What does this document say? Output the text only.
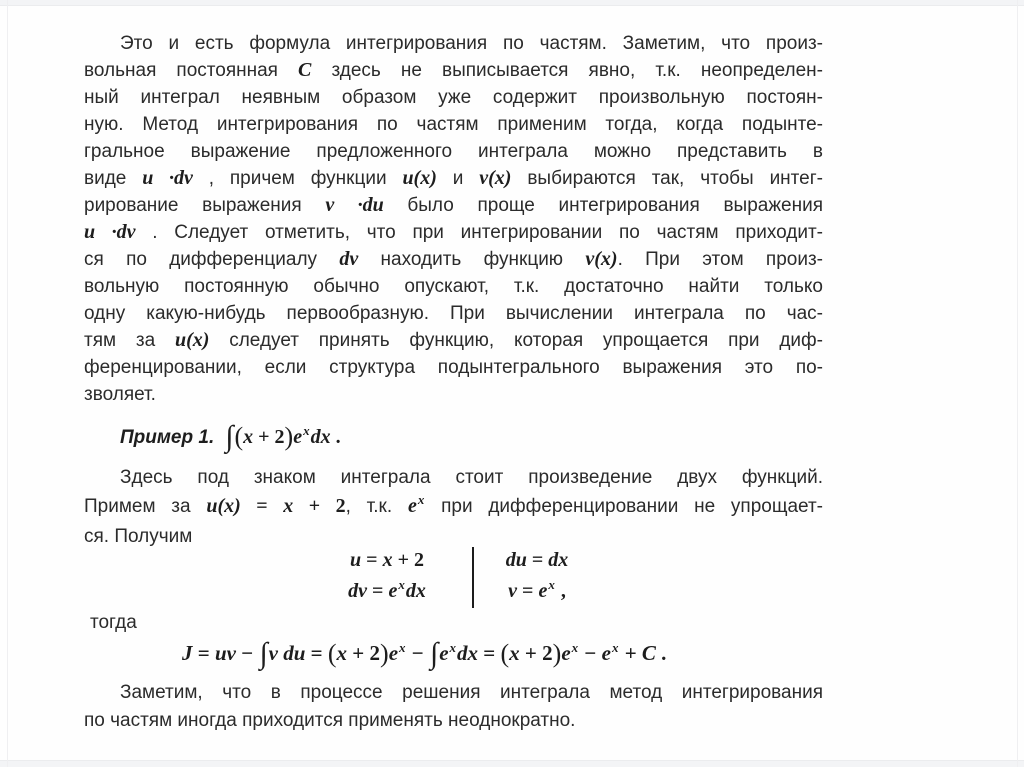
Это и есть формула интегрирования по частям. Заметим, что произ-
вольная постоянная C здесь не выписывается явно, т.к. неопределен-
ный интеграл неявным образом уже содержит произвольную постоян-
ную. Метод интегрирования по частям применим тогда, когда подынте-
гральное выражение предложенного интеграла можно представить в
виде u ·dv , причем функции u(x) и v(x) выбираются так, чтобы интег-
рирование выражения v ·du было проще интегрирования выражения
u ·dv . Следует отметить, что при интегрировании по частям приходит-
ся по дифференциалу dv находить функцию v(x). При этом произ-
вольную постоянную обычно опускают, т.к. достаточно найти только
одну какую-нибудь первообразную. При вычислении интеграла по час-
тям за u(x) следует принять функцию, которая упрощается при диф-
ференцировании, если структура подынтегрального выражения это по-
зволяет.
Пример 1. $\int(x + 2)e^xdx$ .
Здесь под знаком интеграла стоит произведение двух функций.
Примем за u(x) = x + 2, т.к. $e^x$ при дифференцировании не упрощает-
ся. Получим
u = x + 2
dv = $e^xdx$
du = dx
$v = e^x$ ,
тогда
J = uv − ∫v du = $(x + 2)e^x - \int e^xdx = (x + 2)e^x - e^x + C$ .
Заметим, что в процессе решения интеграла метод интегрирования
по частям иногда приходится применять неоднократно.
